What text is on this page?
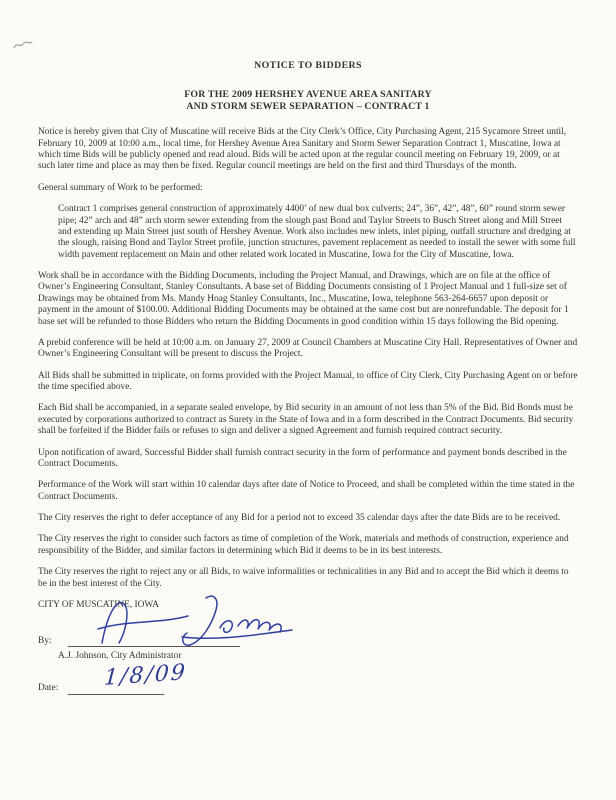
NOTICE TO BIDDERS
FOR THE 2009 HERSHEY AVENUE AREA SANITARY
AND STORM SEWER SEPARATION – CONTRACT 1

Notice is hereby given that City of Muscatine will receive Bids at the City Clerk’s Office, City Purchasing Agent, 215 Sycamore Street until, February 10, 2009 at 10:00 a.m., local time, for Hershey Avenue Area Sanitary and Storm Sewer Separation Contract 1, Muscatine, Iowa at which time Bids will be publicly opened and read aloud. Bids will be acted upon at the regular council meeting on February 19, 2009, or at such later time and place as may then be fixed. Regular council meetings are held on the first and third Thursdays of the month.

General summary of Work to be performed:

Contract 1 comprises general construction of approximately 4400’ of new dual box culverts; 24”, 36”, 42”, 48”, 60” round storm sewer pipe; 42” arch and 48” arch storm sewer extending from the slough past Bond and Taylor Streets to Busch Street along and Mill Street and extending up Main Street just south of Hershey Avenue. Work also includes new inlets, inlet piping, outfall structure and dredging at the slough, raising Bond and Taylor Street profile, junction structures, pavement replacement as needed to install the sewer with some full width pavement replacement on Main and other related work located in Muscatine, Iowa for the City of Muscatine, Iowa.

Work shall be in accordance with the Bidding Documents, including the Project Manual, and Drawings, which are on file at the office of Owner’s Engineering Consultant, Stanley Consultants. A base set of Bidding Documents consisting of 1 Project Manual and 1 full-size set of Drawings may be obtained from Ms. Mandy Hoag Stanley Consultants, Inc., Muscatine, Iowa, telephone 563-264-6657 upon deposit or payment in the amount of $100.00. Additional Bidding Documents may be obtained at the same cost but are nonrefundable. The deposit for 1 base set will be refunded to those Bidders who return the Bidding Documents in good condition within 15 days following the Bid opening.

A prebid conference will be held at 10:00 a.m. on January 27, 2009 at Council Chambers at Muscatine City Hall. Representatives of Owner and Owner’s Engineering Consultant will be present to discuss the Project.

All Bids shall be submitted in triplicate, on forms provided with the Project Manual, to office of City Clerk, City Purchasing Agent on or before the time specified above.

Each Bid shall be accompanied, in a separate sealed envelope, by Bid security in an amount of not less than 5% of the Bid. Bid Bonds must be executed by corporations authorized to contract as Surety in the State of Iowa and in a form described in the Contract Documents. Bid security shall be forfeited if the Bidder fails or refuses to sign and deliver a signed Agreement and furnish required contract security.

Upon notification of award, Successful Bidder shall furnish contract security in the form of performance and payment bonds described in the Contract Documents.

Performance of the Work will start within 10 calendar days after date of Notice to Proceed, and shall be completed within the time stated in the Contract Documents.

The City reserves the right to defer acceptance of any Bid for a period not to exceed 35 calendar days after the date Bids are to be received.

The City reserves the right to consider such factors as time of completion of the Work, materials and methods of construction, experience and responsibility of the Bidder, and similar factors in determining which Bid it deems to be in its best interests.

The City reserves the right to reject any or all Bids, to waive informalities or technicalities in any Bid and to accept the Bid which it deems to be in the best interest of the City.

CITY OF MUSCATINE, IOWA
By:
A.J. Johnson, City Administrator
Date: 1/8/09
